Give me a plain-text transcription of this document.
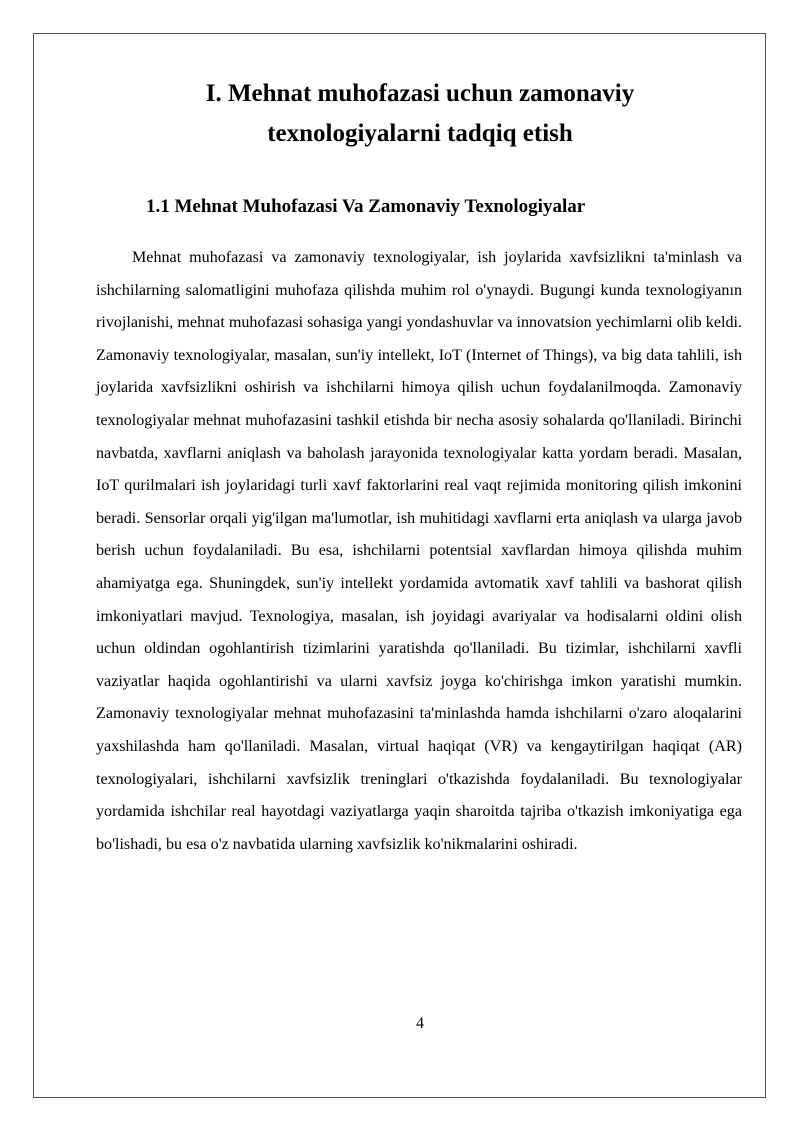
I. Mehnat muhofazasi uchun zamonaviy
texnologiyalarni tadqiq etish
1.1 Mehnat Muhofazasi Va Zamonaviy Texnologiyalar

Mehnat muhofazasi va zamonaviy texnologiyalar, ish joylarida xavfsizlikni ta'minlash va ishchilarning salomatligini muhofaza qilishda muhim rol o'ynaydi. Bugungi kunda texnologiyanın rivojlanishi, mehnat muhofazasi sohasiga yangi yondashuvlar va innovatsion yechimlarni olib keldi. Zamonaviy texnologiyalar, masalan, sun'iy intellekt, IoT (Internet of Things), va big data tahlili, ish joylarida xavfsizlikni oshirish va ishchilarni himoya qilish uchun foydalanilmoqda. Zamonaviy texnologiyalar mehnat muhofazasini tashkil etishda bir necha asosiy sohalarda qo'llaniladi. Birinchi navbatda, xavflarni aniqlash va baholash jarayonida texnologiyalar katta yordam beradi. Masalan, IoT qurilmalari ish joylaridagi turli xavf faktorlarini real vaqt rejimida monitoring qilish imkonini beradi. Sensorlar orqali yig'ilgan ma'lumotlar, ish muhitidagi xavflarni erta aniqlash va ularga javob berish uchun foydalaniladi. Bu esa, ishchilarni potentsial xavflardan himoya qilishda muhim ahamiyatga ega. Shuningdek, sun'iy intellekt yordamida avtomatik xavf tahlili va bashorat qilish imkoniyatlari mavjud. Texnologiya, masalan, ish joyidagi avariyalar va hodisalarni oldini olish uchun oldindan ogohlantirish tizimlarini yaratishda qo'llaniladi. Bu tizimlar, ishchilarni xavfli vaziyatlar haqida ogohlantirishi va ularni xavfsiz joyga ko'chirishga imkon yaratishi mumkin. Zamonaviy texnologiyalar mehnat muhofazasini ta'minlashda hamda ishchilarni o'zaro aloqalarini yaxshilashda ham qo'llaniladi. Masalan, virtual haqiqat (VR) va kengaytirilgan haqiqat (AR) texnologiyalari, ishchilarni xavfsizlik treninglari o'tkazishda foydalaniladi. Bu texnologiyalar yordamida ishchilar real hayotdagi vaziyatlarga yaqin sharoitda tajriba o'tkazish imkoniyatiga ega bo'lishadi, bu esa o'z navbatida ularning xavfsizlik ko'nikmalarini oshiradi.

4
